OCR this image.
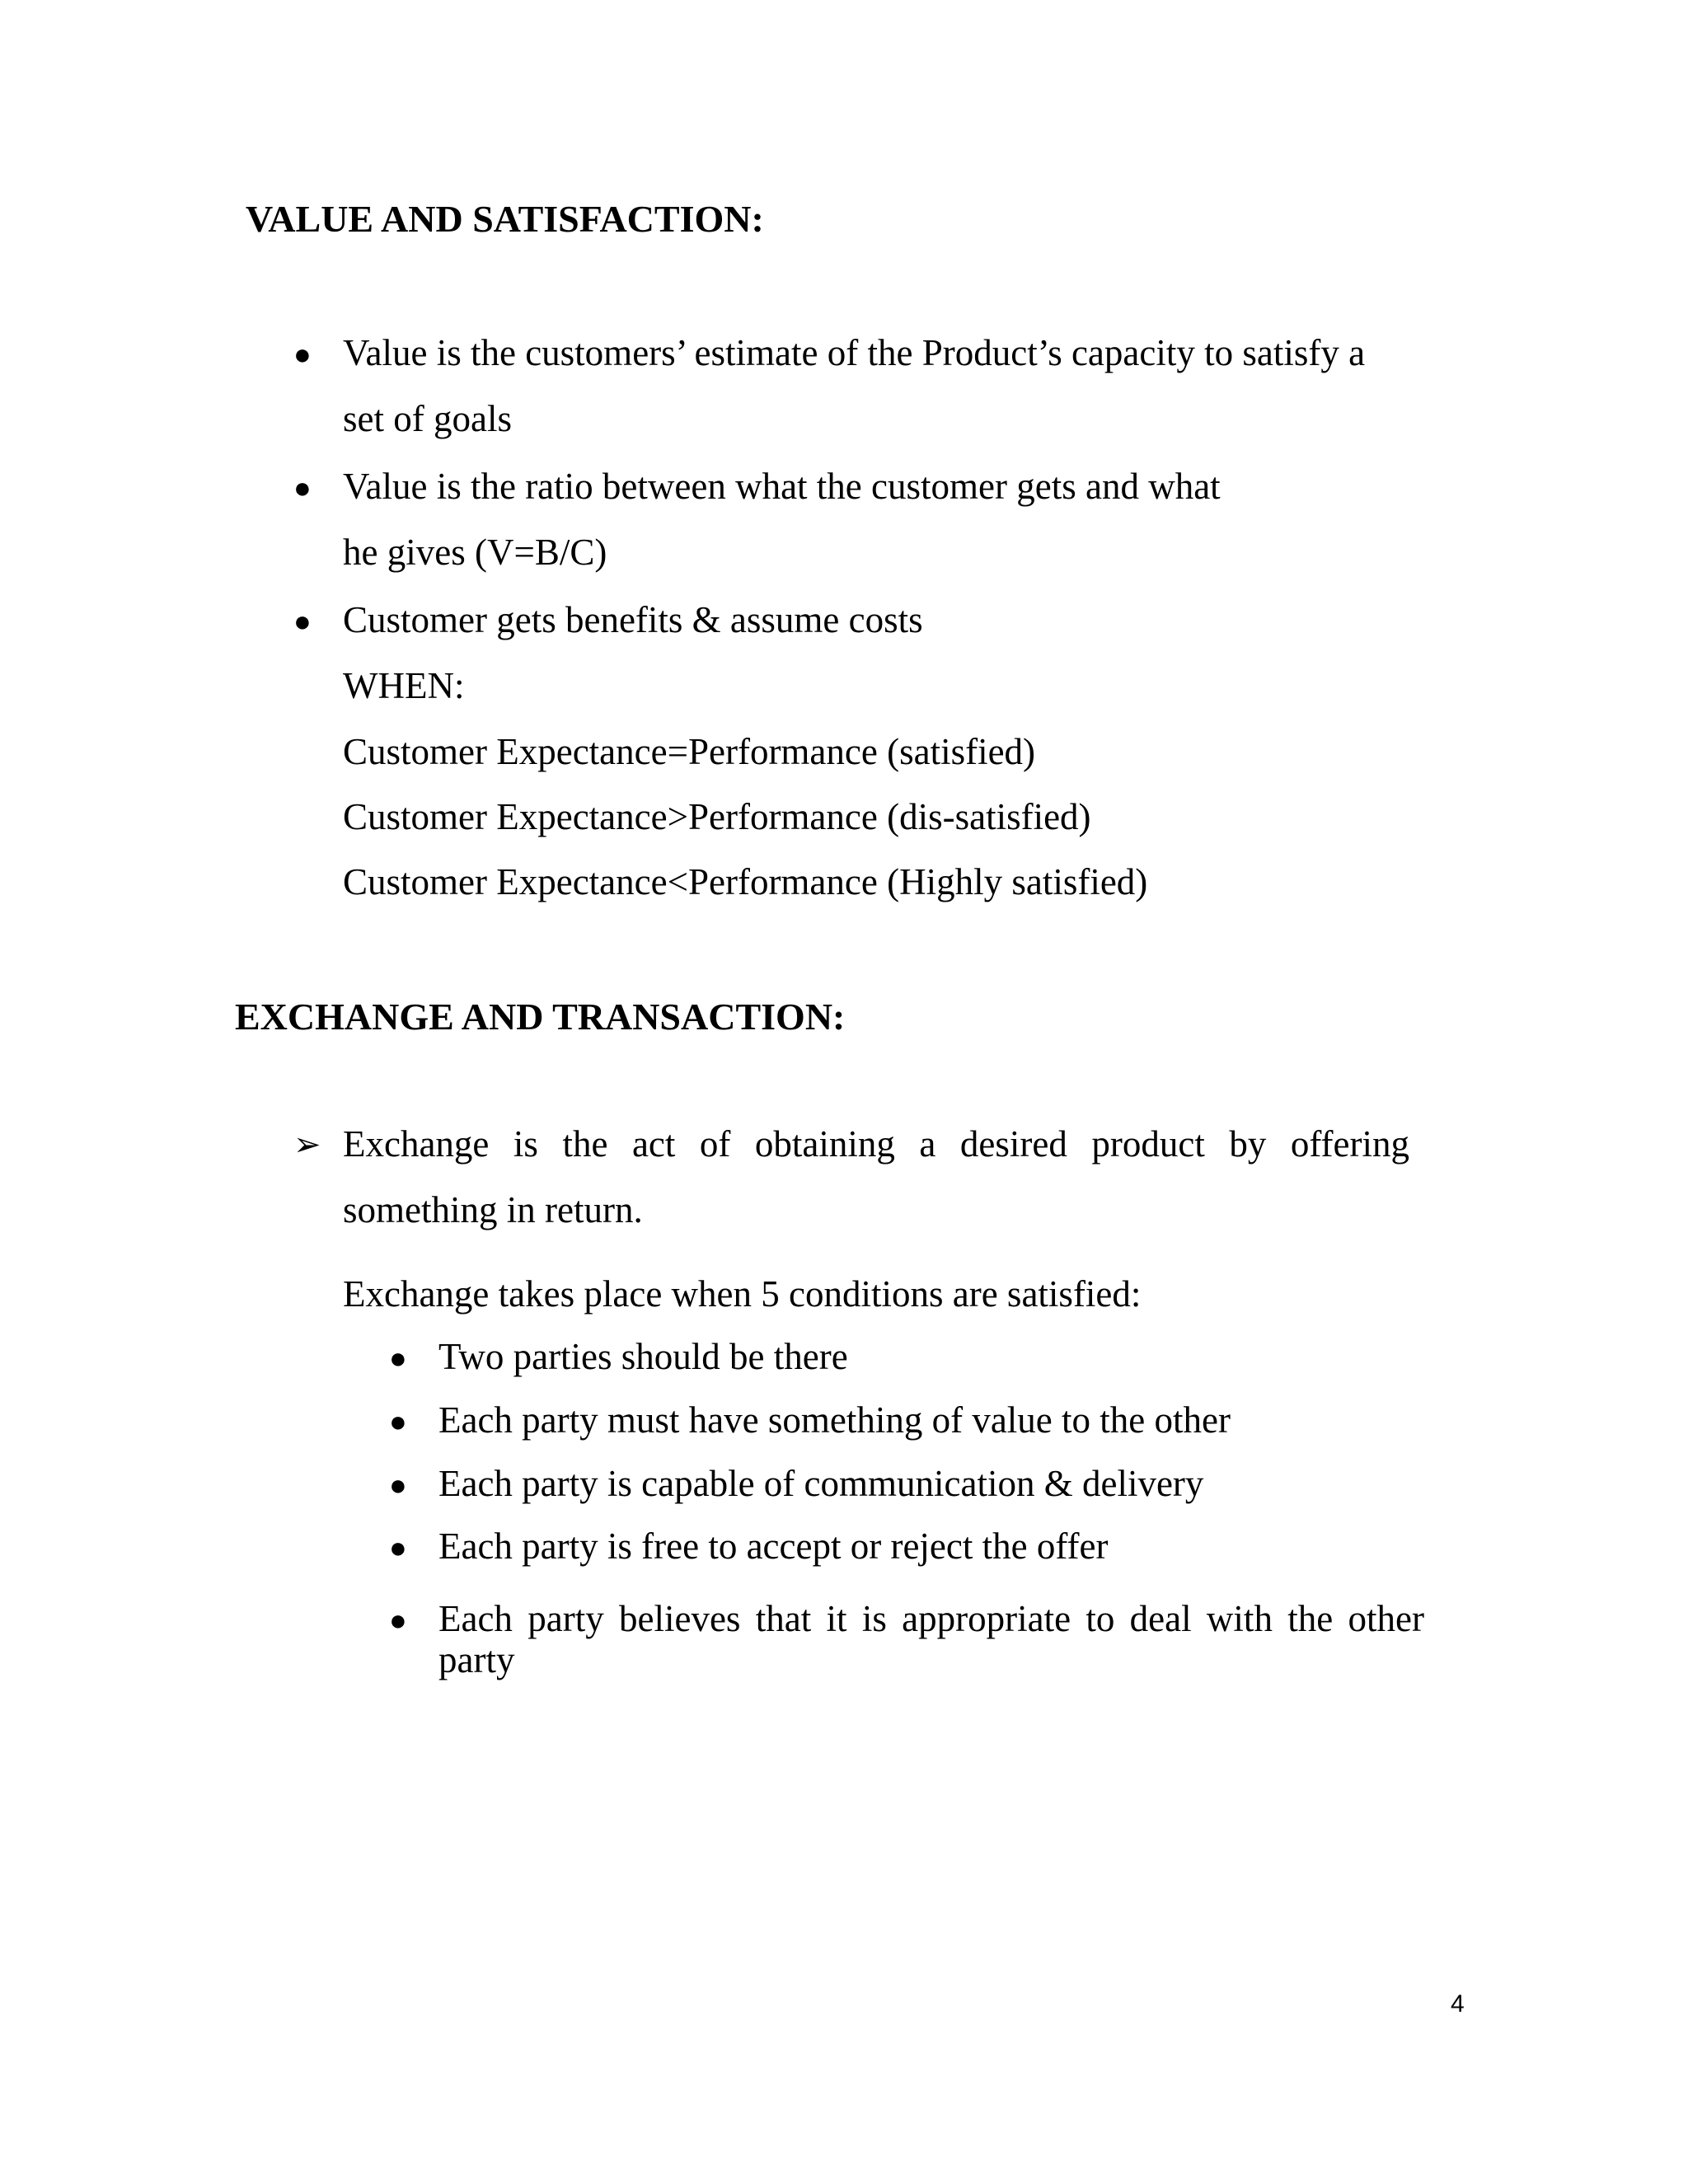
VALUE AND SATISFACTION:
● Value is the customers’ estimate of the Product’s capacity to satisfy a
set of goals
● Value is the ratio between what the customer gets and what
he gives (V=B/C)
● Customer gets benefits & assume costs
WHEN:
Customer Expectance=Performance (satisfied)
Customer Expectance>Performance (dis-satisfied)
Customer Expectance<Performance (Highly satisfied)
EXCHANGE AND TRANSACTION:
➢ Exchange is the act of obtaining a desired product by offering
something in return.
Exchange takes place when 5 conditions are satisfied:
● Two parties should be there
● Each party must have something of value to the other
● Each party is capable of communication & delivery
● Each party is free to accept or reject the offer
● Each party believes that it is appropriate to deal with the other
party
4
